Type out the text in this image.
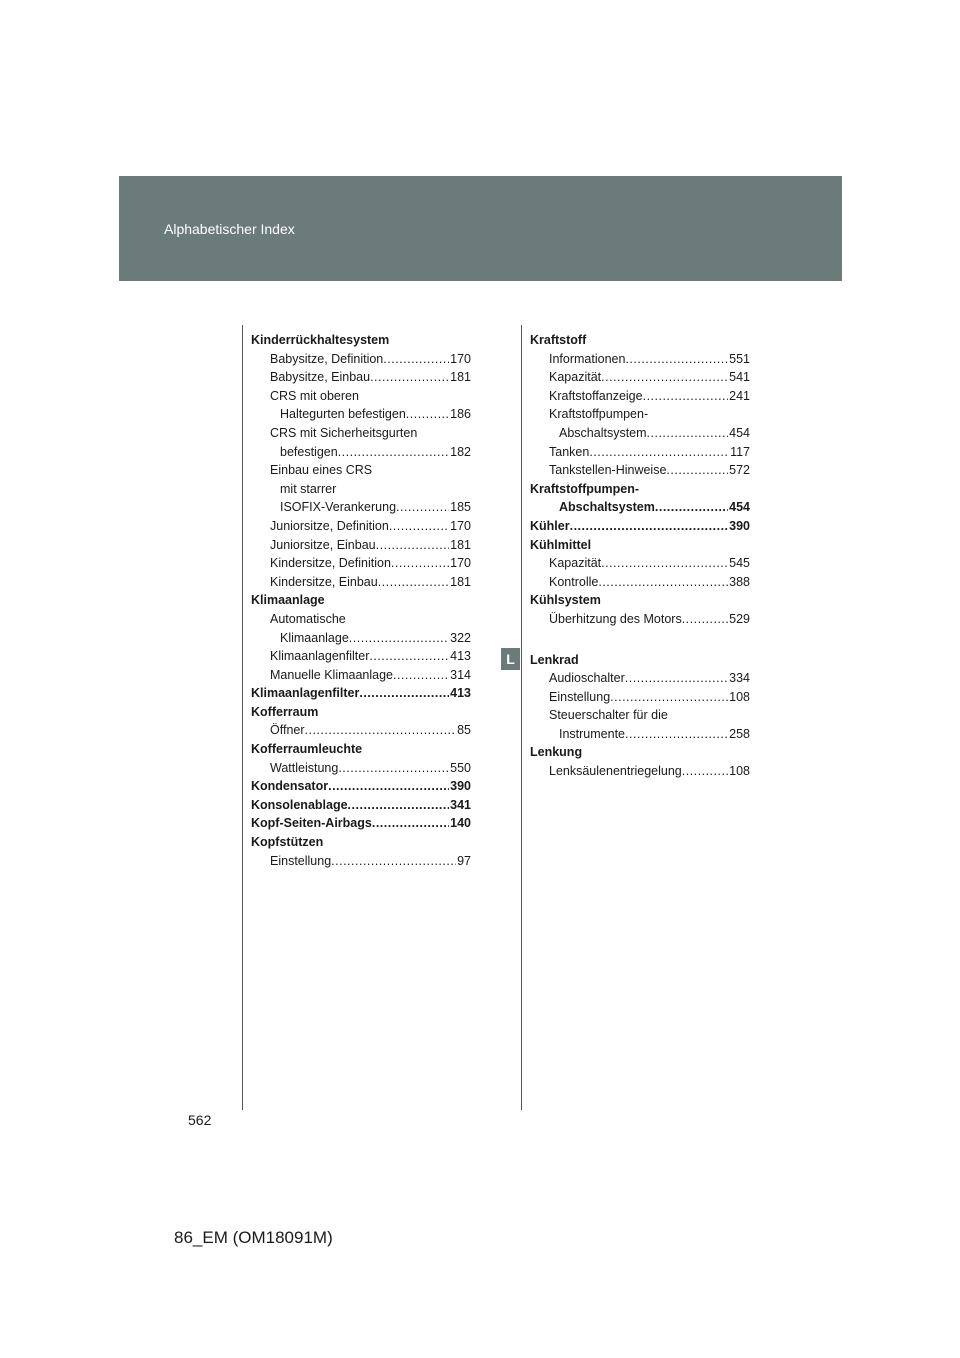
Alphabetischer Index
Kinderrückhaltesystem
Babysitze, Definition .....	170
Babysitze, Einbau .....	181
CRS mit oberen
Haltegurten befestigen .....	186
CRS mit Sicherheitsgurten
befestigen .....	182
Einbau eines CRS
mit starrer
ISOFIX-Verankerung .....	185
Juniorsitze, Definition .....	170
Juniorsitze, Einbau .....	181
Kindersitze, Definition .....	170
Kindersitze, Einbau .....	181
Klimaanlage
Automatische
Klimaanlage .....	322
Klimaanlagenfilter .....	413
Manuelle Klimaanlage .....	314
Klimaanlagenfilter .....	413
Kofferraum
Öffner .....	85
Kofferraumleuchte
Wattleistung .....	550
Kondensator .....	390
Konsolenablage .....	341
Kopf-Seiten-Airbags .....	140
Kopfstützen
Einstellung .....	97
Kraftstoff
Informationen .....	551
Kapazität .....	541
Kraftstoffanzeige .....	241
Kraftstoffpumpen-
Abschaltsystem .....	454
Tanken .....	117
Tankstellen-Hinweise .....	572
Kraftstoffpumpen-
Abschaltsystem .....	454
Kühler .....	390
Kühlmittel
Kapazität .....	545
Kontrolle .....	388
Kühlsystem
Überhitzung des Motors .....	529
Lenkrad
Audioschalter .....	334
Einstellung .....	108
Steuerschalter für die
Instrumente .....	258
Lenkung
Lenksäulenentriegelung .....	108
L
562
86_EM (OM18091M)
